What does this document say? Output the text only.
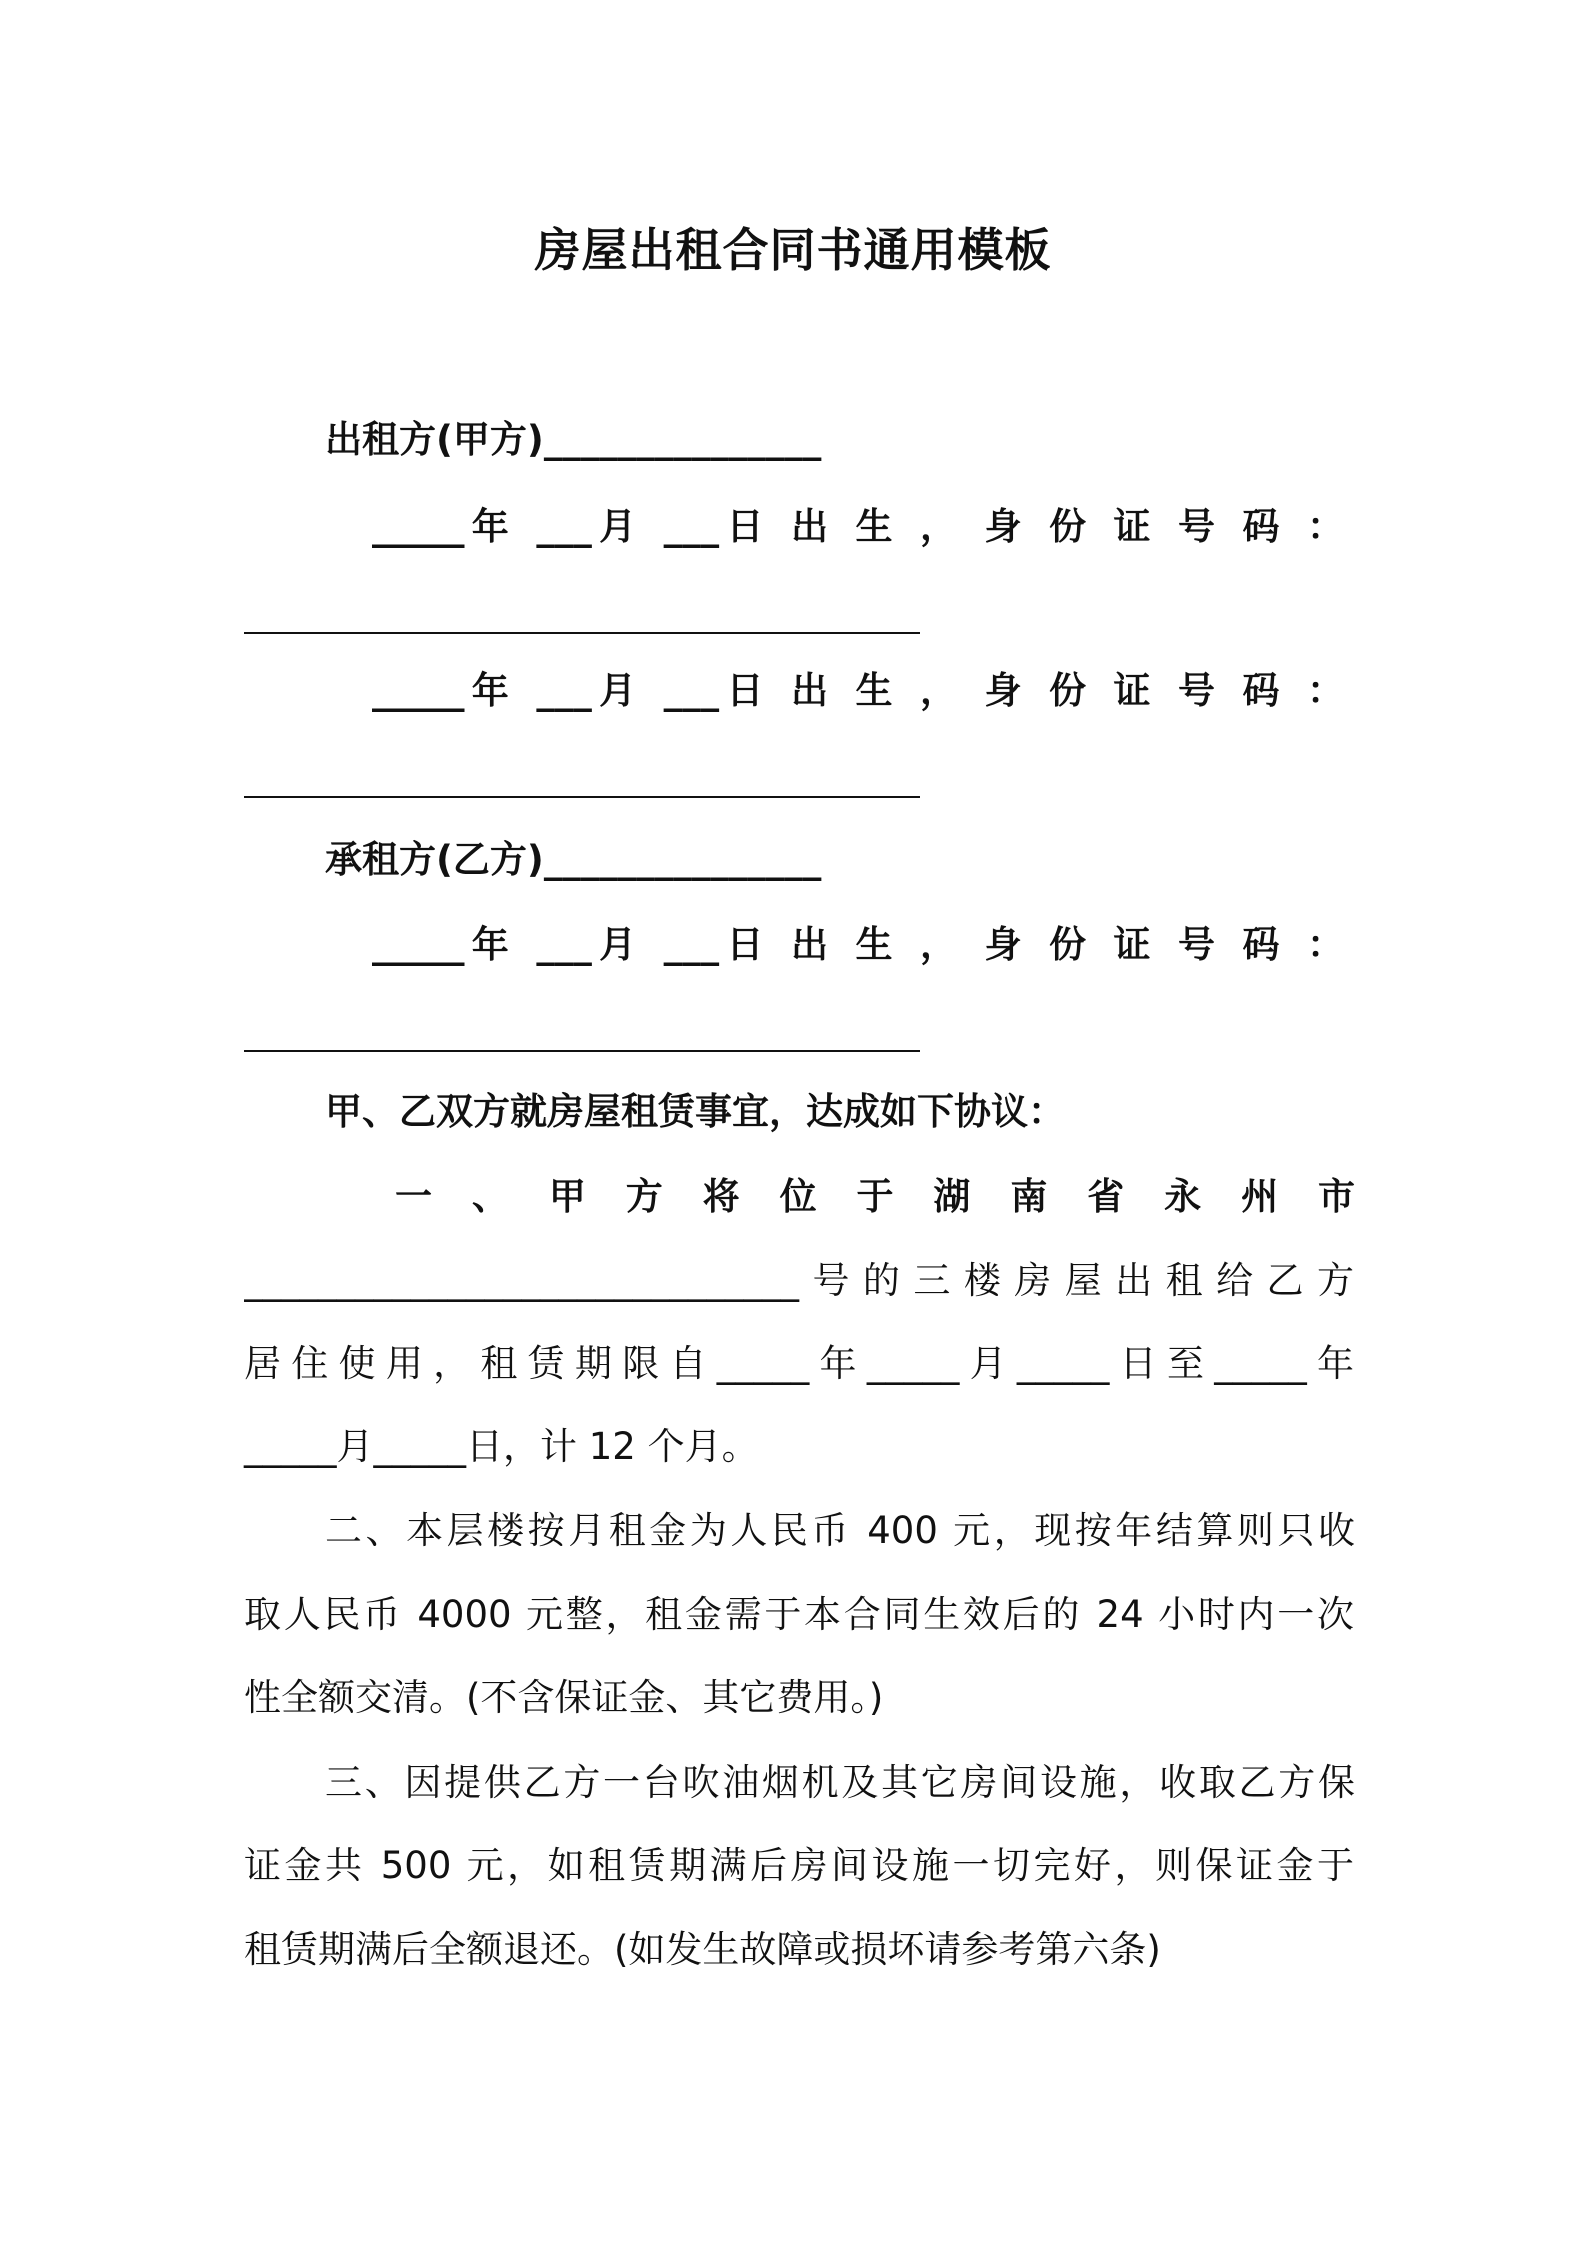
房屋出租合同书通用模板
出租方(甲方)_______________
_____年 ___月 ___日 出 生 ， 身 份 证 号 码 ：
_____年 ___月 ___日 出 生 ， 身 份 证 号 码 ：
承租方(乙方)_______________
_____年 ___月 ___日 出 生 ， 身 份 证 号 码 ：
甲、乙双方就房屋租赁事宜，达成如下协议：
一 、 甲 方 将 位 于 湖 南 省 永 州 市
______________________________号的三楼房屋出租给乙方
居住使用，租赁期限自_____年_____月_____日至_____年
_____月_____日，计 12 个月。
二、本层楼按月租金为人民币 400 元，现按年结算则只收
取人民币 4000 元整，租金需于本合同生效后的 24 小时内一次
性全额交清。(不含保证金、其它费用。)
三、因提供乙方一台吹油烟机及其它房间设施，收取乙方保
证金共 500 元，如租赁期满后房间设施一切完好，则保证金于
租赁期满后全额退还。(如发生故障或损坏请参考第六条)
